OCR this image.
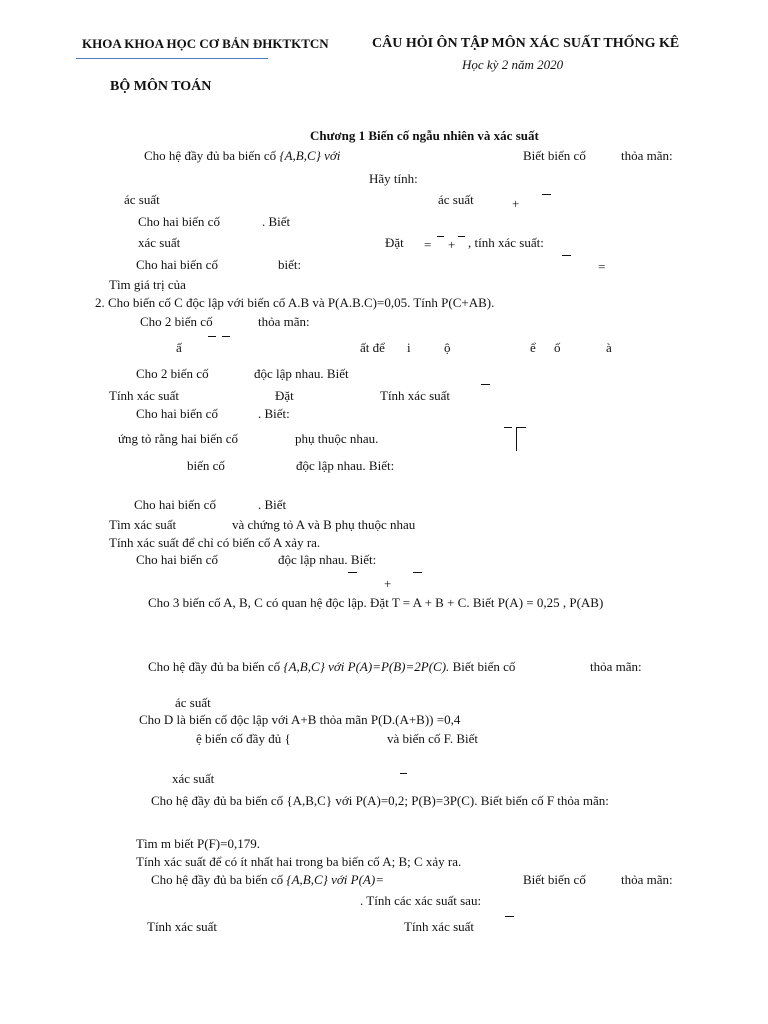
KHOA KHOA HỌC CƠ BẢN ĐHKTKTCN	CÂU HỎI ÔN TẬP MÔN XÁC SUẤT THỐNG KÊ
Học kỳ 2 năm 2020
BỘ MÔN TOÁN
Chương 1 Biến cố ngẫu nhiên và xác suất
Cho hệ đầy đủ ba biến cố {A,B,C} với	Biết biến cố	thỏa mãn:
Hãy tính:
ác suất	ác suất	+
Cho hai biến cố	. Biết
xác suất	Đặt = + , tính xác suất:
Cho hai biến cố	biết:	=
Tìm giá trị của
2. Cho biến cố C độc lập với biến cố A.B và P(A.B.C)=0,05. Tính P(C+AB).
Cho 2 biến cố	thỏa mãn:
ấ	ất để i	ộ	ể ố	à
Cho 2 biến cố	độc lập nhau. Biết
Tính xác suất	Đặt	Tính xác suất
Cho hai biến cố	. Biết:
ứng tỏ rằng hai biến cố	phụ thuộc nhau.
biến cố	độc lập nhau. Biết:
Cho hai biến cố	. Biết
Tìm xác suất	và chứng tỏ A và B phụ thuộc nhau
Tính xác suất để chỉ có biến cố A xảy ra.
Cho hai biến cố	độc lập nhau. Biết:
+
Cho 3 biến cố A, B, C có quan hệ độc lập. Đặt T = A + B + C. Biết P(A) = 0,25 , P(AB)
Cho hệ đầy đủ ba biến cố {A,B,C} với P(A)=P(B)=2P(C). Biết biến cố	thỏa mãn:
ác suất
Cho D là biến cố độc lập với A+B thỏa mãn P(D.(A+B)) =0,4
ệ biến cố đầy đủ {	và biến cố F. Biết
xác suất
Cho hệ đầy đủ ba biến cố {A,B,C} với P(A)=0,2; P(B)=3P(C). Biết biến cố F thỏa mãn:
Tìm m biết P(F)=0,179.
Tính xác suất để có ít nhất hai trong ba biến cố A; B; C xảy ra.
Cho hệ đầy đủ ba biến cố {A,B,C} với P(A)=	Biết biến cố	thỏa mãn:
. Tính các xác suất sau:
Tính xác suất	Tính xác suất
